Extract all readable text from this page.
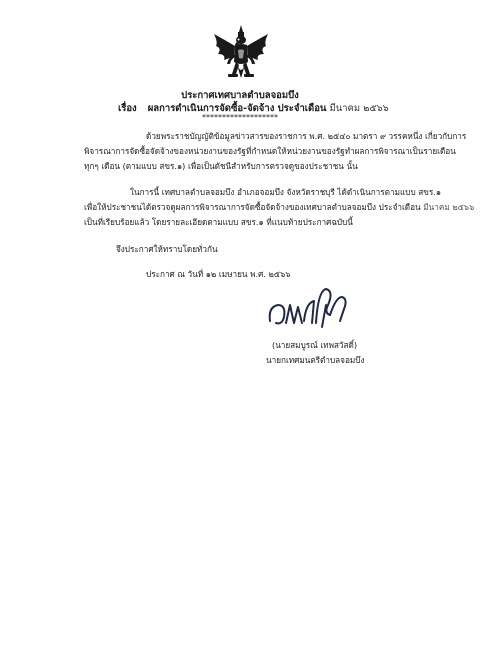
ประกาศเทศบาลตำบลจอมบึง
เรื่อง ผลการดำเนินการจัดซื้อ-จัดจ้าง ประจำเดือน มีนาคม ๒๕๖๖
*******************
ด้วยพระราชบัญญัติข้อมูลข่าวสารของราชการ พ.ศ. ๒๕๔๐ มาตรา ๙ วรรคหนึ่ง เกี่ยวกับการ
พิจารณาการจัดซื้อจัดจ้างของหน่วยงานของรัฐที่กำหนดให้หน่วยงานของรัฐทำผลการพิจารณาเป็นรายเดือน
ทุกๆ เดือน (ตามแบบ สขร.๑) เพื่อเป็นดัชนีสำหรับการตรวจดูของประชาชน นั้น
ในการนี้ เทศบาลตำบลจอมบึง อำเภอจอมบึง จังหวัดราชบุรี ได้ดำเนินการตามแบบ สขร.๑
เพื่อให้ประชาชนได้ตรวจดูผลการพิจารณาการจัดซื้อจัดจ้างของเทศบาลตำบลจอมบึง ประจำเดือน มีนาคม ๒๕๖๖
เป็นที่เรียบร้อยแล้ว โดยรายละเอียดตามแบบ สขร.๑ ที่แนบท้ายประกาศฉบับนี้
จึงประกาศให้ทราบโดยทั่วกัน
ประกาศ ณ วันที่ ๑๒ เมษายน พ.ศ. ๒๕๖๖
(นายสมบูรณ์ เทพสวัสดิ์)
นายกเทศมนตรีตำบลจอมบึง
